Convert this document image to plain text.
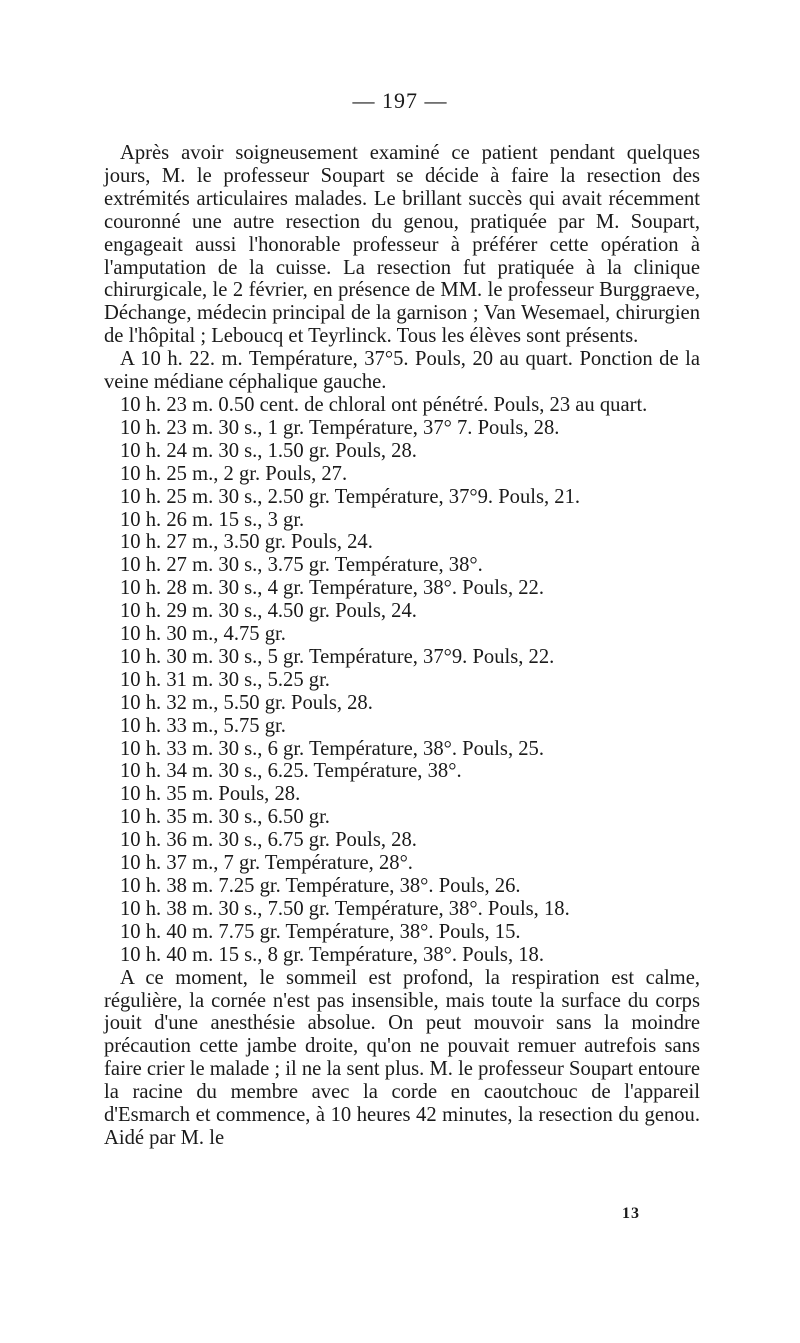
— 197 —

Après avoir soigneusement examiné ce patient pendant quelques jours, M. le professeur Soupart se décide à faire la resection des extrémités articulaires malades. Le brillant succès qui avait récemment couronné une autre resection du genou, pratiquée par M. Soupart, engageait aussi l'honorable professeur à préférer cette opération à l'amputation de la cuisse. La resection fut pratiquée à la clinique chirurgicale, le 2 février, en présence de MM. le professeur Burggraeve, Déchange, médecin principal de la garnison ; Van Wesemael, chirurgien de l'hôpital ; Leboucq et Teyrlinck. Tous les élèves sont présents.

A 10 h. 22. m. Température, 37°5. Pouls, 20 au quart. Ponction de la veine médiane céphalique gauche.

10 h. 23 m. 0.50 cent. de chloral ont pénétré. Pouls, 23 au quart.

10 h. 23 m. 30 s., 1 gr. Température, 37° 7. Pouls, 28.

10 h. 24 m. 30 s., 1.50 gr. Pouls, 28.

10 h. 25 m., 2 gr. Pouls, 27.

10 h. 25 m. 30 s., 2.50 gr. Température, 37°9. Pouls, 21.

10 h. 26 m. 15 s., 3 gr.

10 h. 27 m., 3.50 gr. Pouls, 24.

10 h. 27 m. 30 s., 3.75 gr. Température, 38°.

10 h. 28 m. 30 s., 4 gr. Température, 38°. Pouls, 22.

10 h. 29 m. 30 s., 4.50 gr. Pouls, 24.

10 h. 30 m., 4.75 gr.

10 h. 30 m. 30 s., 5 gr. Température, 37°9. Pouls, 22.

10 h. 31 m. 30 s., 5.25 gr.

10 h. 32 m., 5.50 gr. Pouls, 28.

10 h. 33 m., 5.75 gr.

10 h. 33 m. 30 s., 6 gr. Température, 38°. Pouls, 25.

10 h. 34 m. 30 s., 6.25. Température, 38°.

10 h. 35 m. Pouls, 28.

10 h. 35 m. 30 s., 6.50 gr.

10 h. 36 m. 30 s., 6.75 gr. Pouls, 28.

10 h. 37 m., 7 gr. Température, 28°.

10 h. 38 m. 7.25 gr. Température, 38°. Pouls, 26.

10 h. 38 m. 30 s., 7.50 gr. Température, 38°. Pouls, 18.

10 h. 40 m. 7.75 gr. Température, 38°. Pouls, 15.

10 h. 40 m. 15 s., 8 gr. Température, 38°. Pouls, 18.

A ce moment, le sommeil est profond, la respiration est calme, régulière, la cornée n'est pas insensible, mais toute la surface du corps jouit d'une anesthésie absolue. On peut mouvoir sans la moindre précaution cette jambe droite, qu'on ne pouvait remuer autrefois sans faire crier le malade ; il ne la sent plus. M. le professeur Soupart entoure la racine du membre avec la corde en caoutchouc de l'appareil d'Esmarch et commence, à 10 heures 42 minutes, la resection du genou. Aidé par M. le

13
